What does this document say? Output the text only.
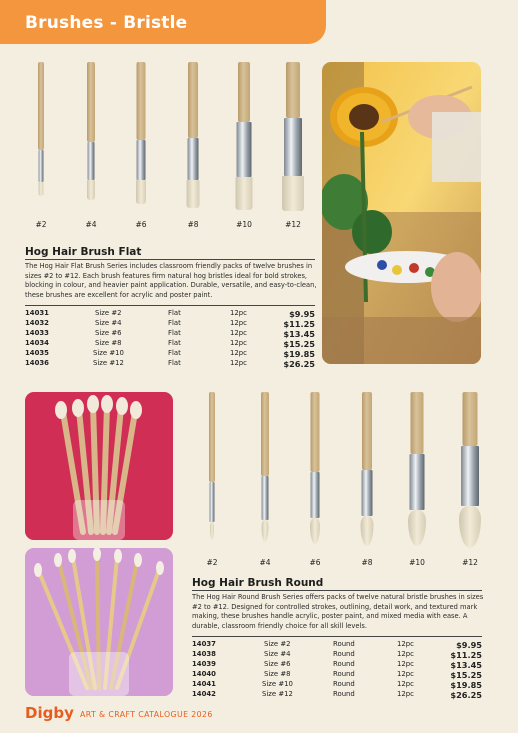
Brushes - Bristle
#2	#4	#6	#8	#10	#12
Hog Hair Brush Flat
The Hog Hair Flat Brush Series includes classroom friendly packs of twelve brushes in sizes #2 to #12. Each brush features firm natural hog bristles ideal for bold strokes, blocking in colour, and heavier paint application. Durable, versatile, and easy-to-clean, these brushes are excellent for acrylic and poster paint.
14031	Size #2	Flat	12pc	$9.95
14032	Size #4	Flat	12pc	$11.25
14033	Size #6	Flat	12pc	$13.45
14034	Size #8	Flat	12pc	$15.25
14035	Size #10	Flat	12pc	$19.85
14036	Size #12	Flat	12pc	$26.25
#2	#4	#6	#8	#10	#12
Hog Hair Brush Round
The Hog Hair Round Brush Series offers packs of twelve natural bristle brushes in sizes #2 to #12. Designed for controlled strokes, outlining, detail work, and textured mark making, these brushes handle acrylic, poster paint, and mixed media with ease. A durable, classroom friendly choice for all skill levels.
14037	Size #2	Round	12pc	$9.95
14038	Size #4	Round	12pc	$11.25
14039	Size #6	Round	12pc	$13.45
14040	Size #8	Round	12pc	$15.25
14041	Size #10	Round	12pc	$19.85
14042	Size #12	Round	12pc	$26.25
Digby ART & CRAFT CATALOGUE 2026
